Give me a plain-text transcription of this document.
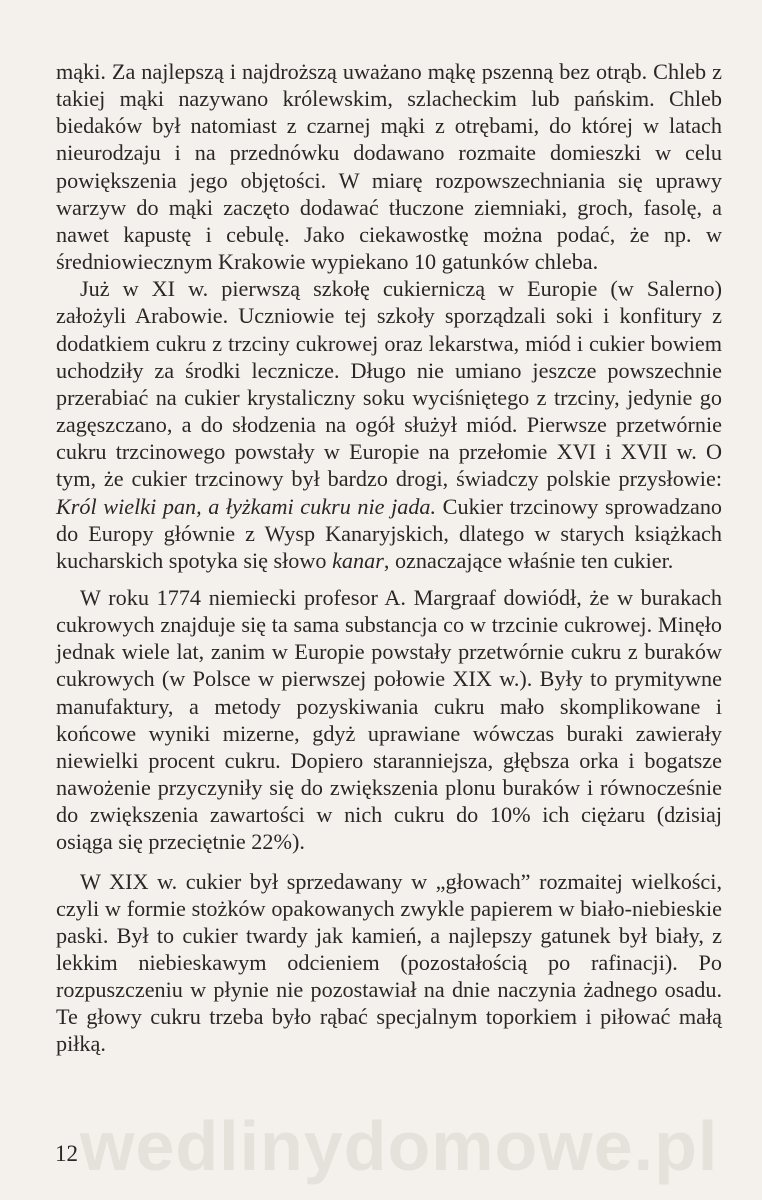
mąki. Za najlepszą i najdroższą uważano mąkę pszenną bez otrąb. Chleb z takiej mąki nazywano królewskim, szlacheckim lub pańskim. Chleb biedaków był natomiast z czarnej mąki z otrębami, do której w latach nieurodzaju i na przednówku dodawano rozmaite domieszki w celu powiększenia jego objętości. W miarę rozpowszechniania się uprawy warzyw do mąki zaczęto dodawać tłuczone ziemniaki, groch, fasolę, a nawet kapustę i cebulę. Jako ciekawostkę można podać, że np. w średniowiecznym Krakowie wypiekano 10 gatunków chleba.

Już w XI w. pierwszą szkołę cukierniczą w Europie (w Salerno) założyli Arabowie. Uczniowie tej szkoły sporządzali soki i konfitury z dodatkiem cukru z trzciny cukrowej oraz lekarstwa, miód i cukier bowiem uchodziły za środki lecznicze. Długo nie umiano jeszcze powszechnie przerabiać na cukier krystaliczny soku wyciśniętego z trzciny, jedynie go zagęszczano, a do słodzenia na ogół służył miód. Pierwsze przetwórnie cukru trzcinowego powstały w Europie na przełomie XVI i XVII w. O tym, że cukier trzcinowy był bardzo drogi, świadczy polskie przysłowie: Król wielki pan, a łyżkami cukru nie jada. Cukier trzcinowy sprowadzano do Europy głównie z Wysp Kanaryjskich, dlatego w starych książkach kucharskich spotyka się słowo kanar, oznaczające właśnie ten cukier.

W roku 1774 niemiecki profesor A. Margraaf dowiódł, że w burakach cukrowych znajduje się ta sama substancja co w trzcinie cukrowej. Minęło jednak wiele lat, zanim w Europie powstały przetwórnie cukru z buraków cukrowych (w Polsce w pierwszej połowie XIX w.). Były to prymitywne manufaktury, a metody pozyskiwania cukru mało skomplikowane i końcowe wyniki mizerne, gdyż uprawiane wówczas buraki zawierały niewielki procent cukru. Dopiero staranniejsza, głębsza orka i bogatsze nawożenie przyczyniły się do zwiększenia plonu buraków i równocześnie do zwiększenia zawartości w nich cukru do 10% ich ciężaru (dzisiaj osiąga się przeciętnie 22%).

W XIX w. cukier był sprzedawany w „głowach” rozmaitej wielkości, czyli w formie stożków opakowanych zwykle papierem w biało-niebieskie paski. Był to cukier twardy jak kamień, a najlepszy gatunek był biały, z lekkim niebieskawym odcieniem (pozostałością po rafinacji). Po rozpuszczeniu w płynie nie pozostawiał na dnie naczynia żadnego osadu. Te głowy cukru trzeba było rąbać specjalnym toporkiem i piłować małą piłką.

wedlinydomowe.pl
12
